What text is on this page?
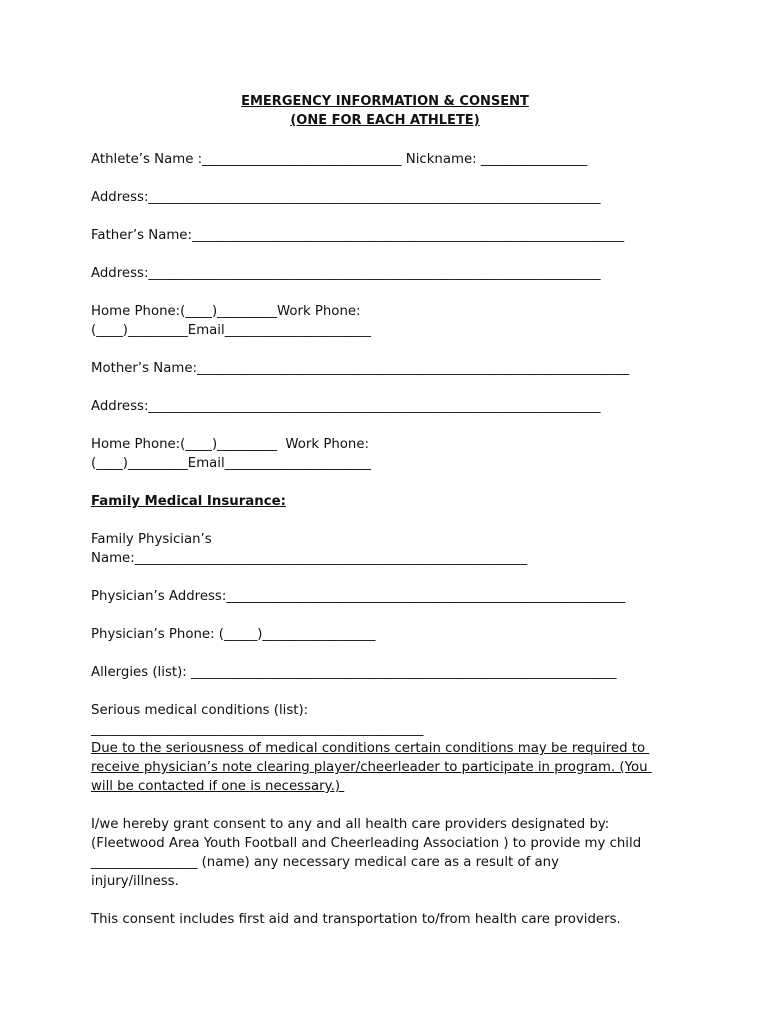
EMERGENCY INFORMATION & CONSENT

(ONE FOR EACH ATHLETE)

Athlete’s Name :______________________________ Nickname: ________________

Address:____________________________________________________________________

Father’s Name:_________________________________________________________________

Address:____________________________________________________________________

Home Phone:(____)_________Work Phone:

(____)_________Email______________________

Mother’s Name:_________________________________________________________________

Address:____________________________________________________________________

Home Phone:(____)_________  Work Phone:

(____)_________Email______________________

Family Medical Insurance:

Family Physician’s

Name:___________________________________________________________

Physician’s Address:____________________________________________________________

Physician’s Phone: (_____)_________________

Allergies (list): ________________________________________________________________

Serious medical conditions (list):

__________________________________________________

Due to the seriousness of medical conditions certain conditions may be required to

receive physician’s note clearing player/cheerleader to participate in program. (You

will be contacted if one is necessary.)

I/we hereby grant consent to any and all health care providers designated by:

(Fleetwood Area Youth Football and Cheerleading Association ) to provide my child

________________ (name) any necessary medical care as a result of any

injury/illness.

This consent includes first aid and transportation to/from health care providers.
